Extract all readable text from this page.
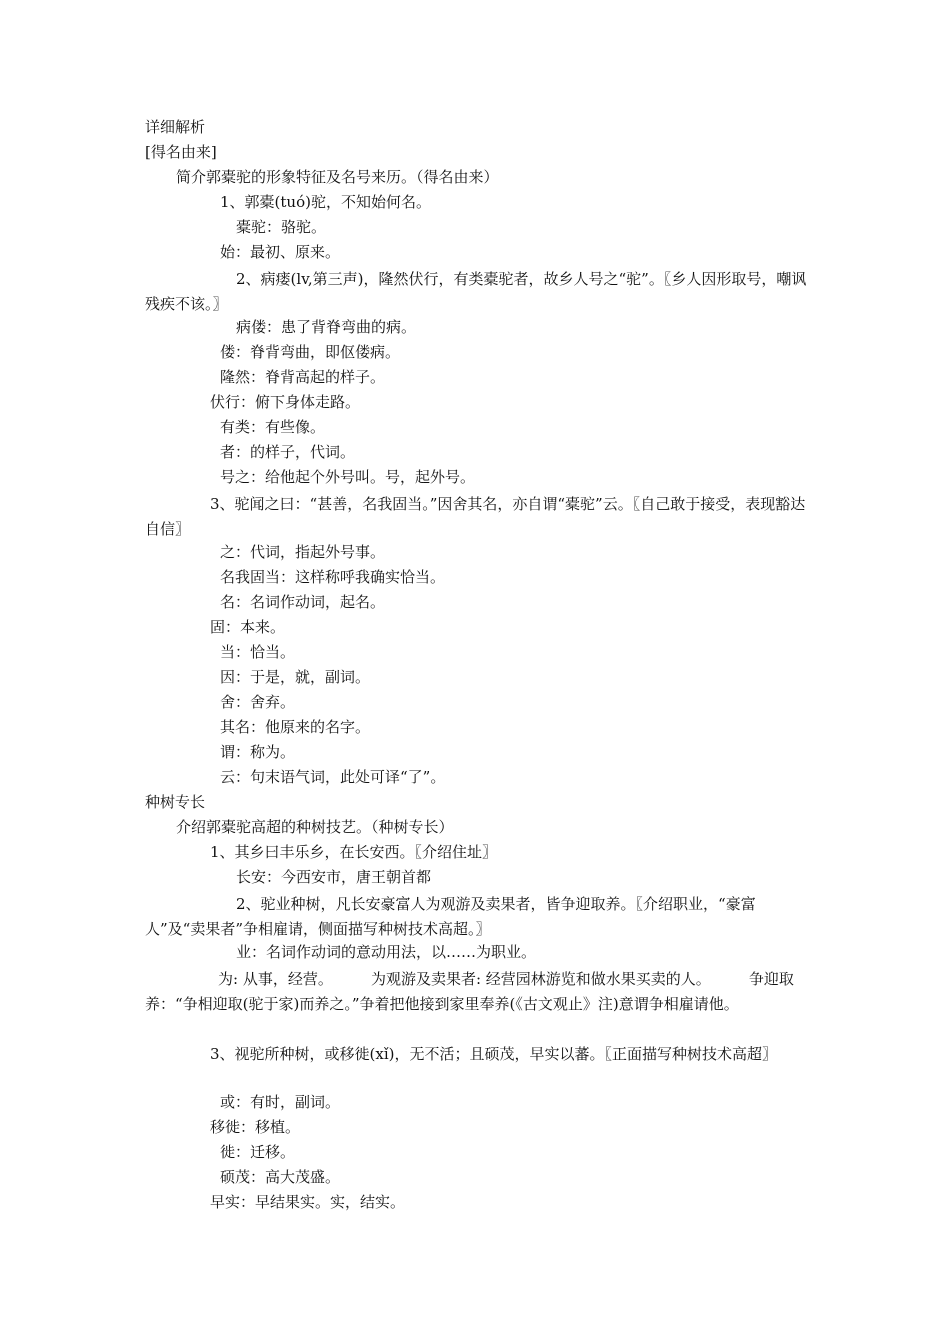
详细解析
[得名由来]
简介郭橐驼的形象特征及名号来历。（得名由来）
1、郭橐(tuó)驼，不知始何名。
橐驼：骆驼。
始：最初、原来。
2、病瘘(lv,第三声)，隆然伏行，有类橐驼者，故乡人号之“驼”。〖乡人因形取号，嘲讽残疾不该。〗
病偻：患了背脊弯曲的病。
偻：脊背弯曲，即伛偻病。
隆然：脊背高起的样子。
伏行：俯下身体走路。
有类：有些像。
者：的样子，代词。
号之：给他起个外号叫。号，起外号。
3、驼闻之曰：“甚善，名我固当。”因舍其名，亦自谓“橐驼”云。〖自己敢于接受，表现豁达自信〗
之：代词，指起外号事。
名我固当：这样称呼我确实恰当。
名：名词作动词，起名。
固：本来。
当：恰当。
因：于是，就，副词。
舍：舍弃。
其名：他原来的名字。
谓：称为。
云：句末语气词，此处可译“了”。
种树专长
介绍郭橐驼高超的种树技艺。（种树专长）
1、其乡曰丰乐乡，在长安西。〖介绍住址〗
长安：今西安市，唐王朝首都
2、驼业种树，凡长安豪富人为观游及卖果者，皆争迎取养。〖介绍职业，“豪富人”及“卖果者”争相雇请，侧面描写种树技术高超。〗
业：名词作动词的意动用法，以……为职业。
为: 从事，经营。        为观游及卖果者: 经营园林游览和做水果买卖的人。        争迎取养：“争相迎取(驼于家)而养之。”争着把他接到家里奉养(《古文观止》注)意谓争相雇请他。
3、视驼所种树，或移徙(xǐ)，无不活；且硕茂，早实以蕃。〖正面描写种树技术高超〗
或：有时，副词。
移徙：移植。
徙：迁移。
硕茂：高大茂盛。
早实：早结果实。实，结实。
